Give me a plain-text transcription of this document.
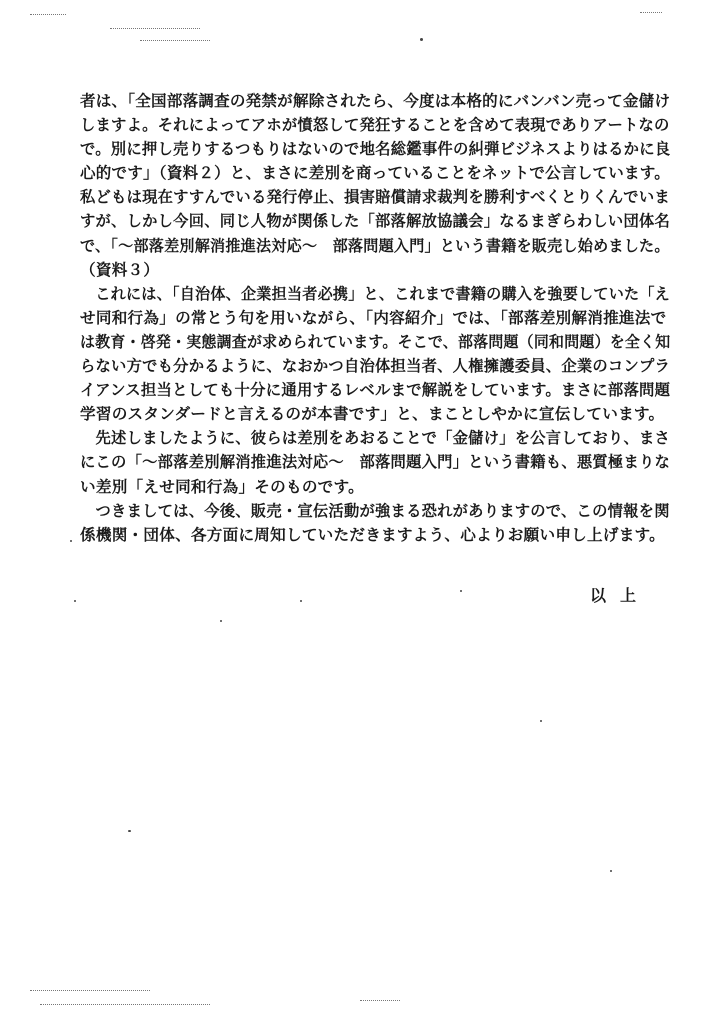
者は、「全国部落調査の発禁が解除されたら、今度は本格的にバンバン売って金儲け
しますよ。それによってアホが憤怒して発狂することを含めて表現でありアートなの
で。別に押し売りするつもりはないので地名総鑑事件の糾弾ビジネスよりはるかに良
心的です」（資料２）と、まさに差別を商っていることをネットで公言しています。
私どもは現在すすんでいる発行停止、損害賠償請求裁判を勝利すべくとりくんでいま
すが、しかし今回、同じ人物が関係した「部落解放協議会」なるまぎらわしい団体名
で、「～部落差別解消推進法対応～　部落問題入門」という書籍を販売し始めました。
（資料３）
　これには、「自治体、企業担当者必携」と、これまで書籍の購入を強要していた「え
せ同和行為」の常とう句を用いながら、「内容紹介」では、「部落差別解消推進法で
は教育・啓発・実態調査が求められています。そこで、部落問題（同和問題）を全く知
らない方でも分かるように、なおかつ自治体担当者、人権擁護委員、企業のコンプラ
イアンス担当としても十分に通用するレベルまで解説をしています。まさに部落問題
学習のスタンダードと言えるのが本書です」と、まことしやかに宣伝しています。
　先述しましたように、彼らは差別をあおることで「金儲け」を公言しており、まさ
にこの「～部落差別解消推進法対応～　部落問題入門」という書籍も、悪質極まりな
い差別「えせ同和行為」そのものです。
　つきましては、今後、販売・宣伝活動が強まる恐れがありますので、この情報を関
係機関・団体、各方面に周知していただきますよう、心よりお願い申し上げます。
以上
